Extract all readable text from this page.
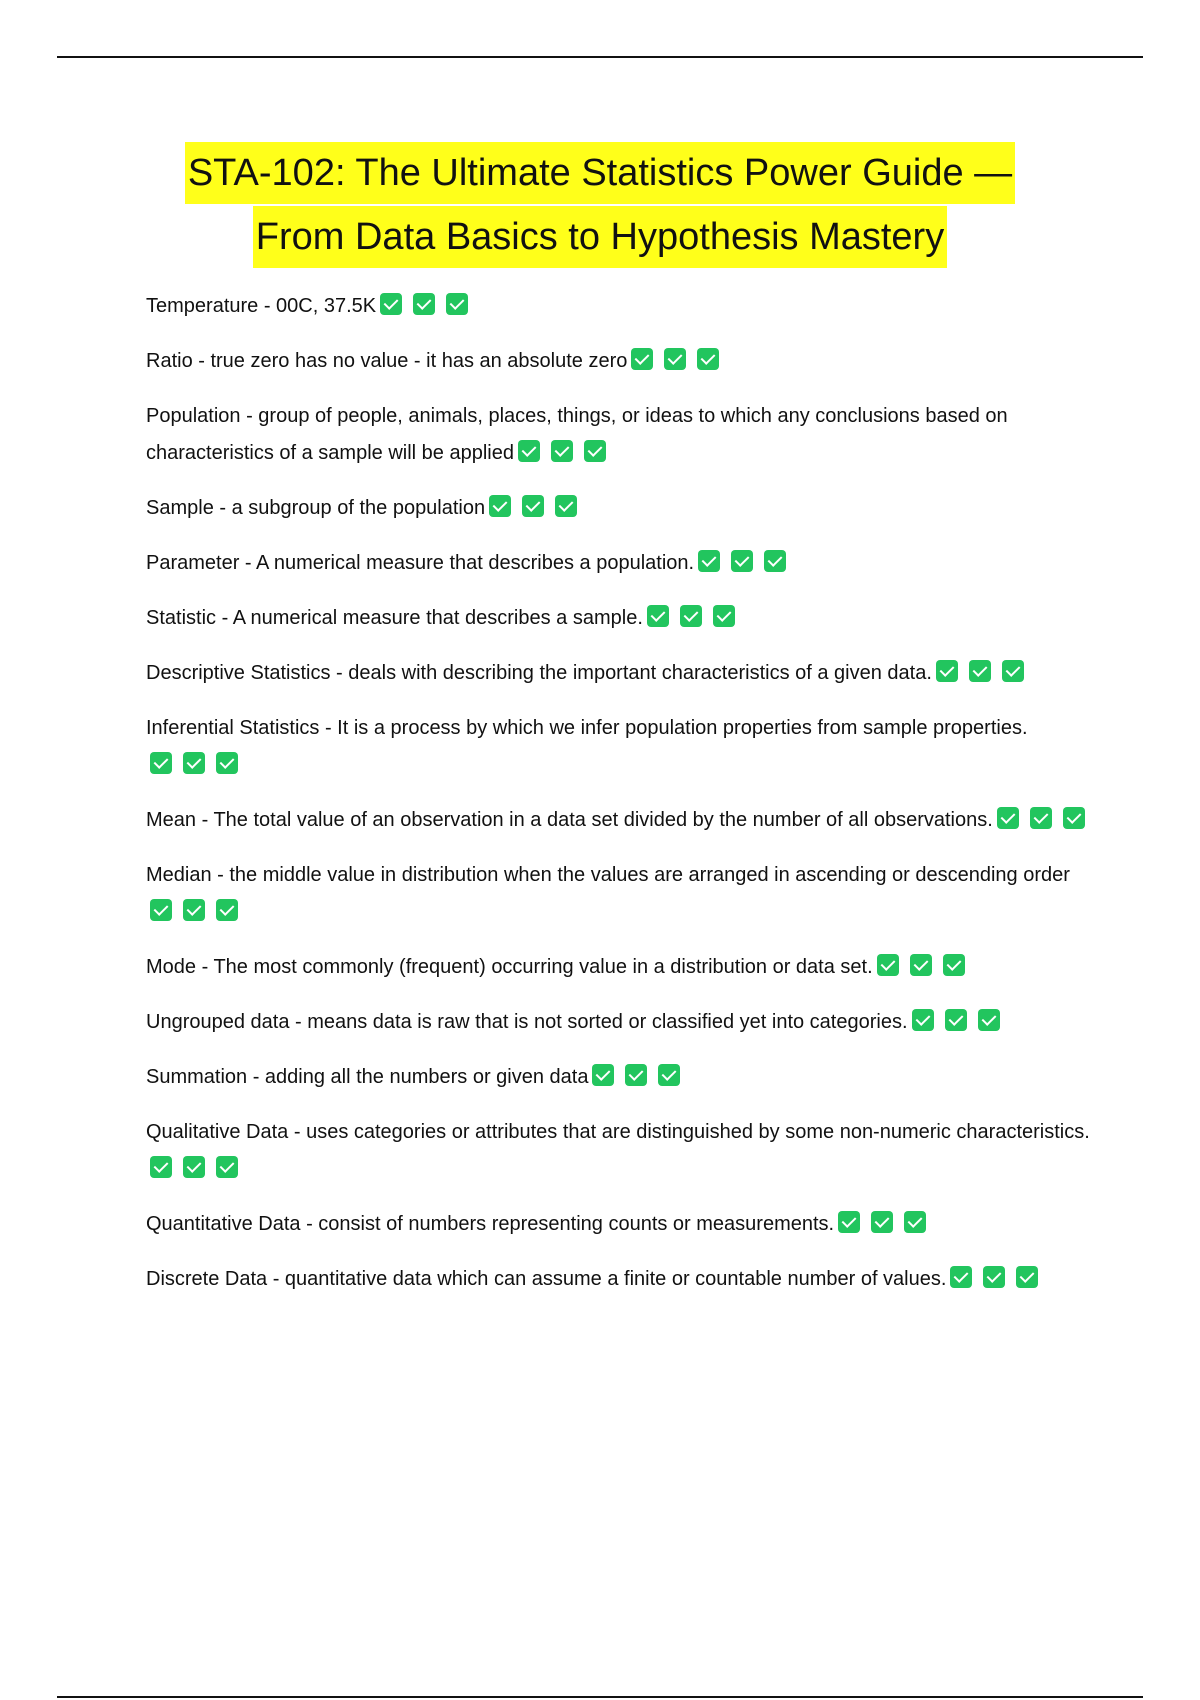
STA-102: The Ultimate Statistics Power Guide —
From Data Basics to Hypothesis Mastery
Temperature - 00C, 37.5K
Ratio - true zero has no value - it has an absolute zero
Population - group of people, animals, places, things, or ideas to which any conclusions based on characteristics of a sample will be applied
Sample - a subgroup of the population
Parameter - A numerical measure that describes a population.
Statistic - A numerical measure that describes a sample.
Descriptive Statistics - deals with describing the important characteristics of a given data.
Inferential Statistics - It is a process by which we infer population properties from sample properties.
Mean - The total value of an observation in a data set divided by the number of all observations.
Median - the middle value in distribution when the values are arranged in ascending or descending order
Mode - The most commonly (frequent) occurring value in a distribution or data set.
Ungrouped data - means data is raw that is not sorted or classified yet into categories.
Summation - adding all the numbers or given data
Qualitative Data - uses categories or attributes that are distinguished by some non-numeric characteristics.
Quantitative Data - consist of numbers representing counts or measurements.
Discrete Data - quantitative data which can assume a finite or countable number of values.
